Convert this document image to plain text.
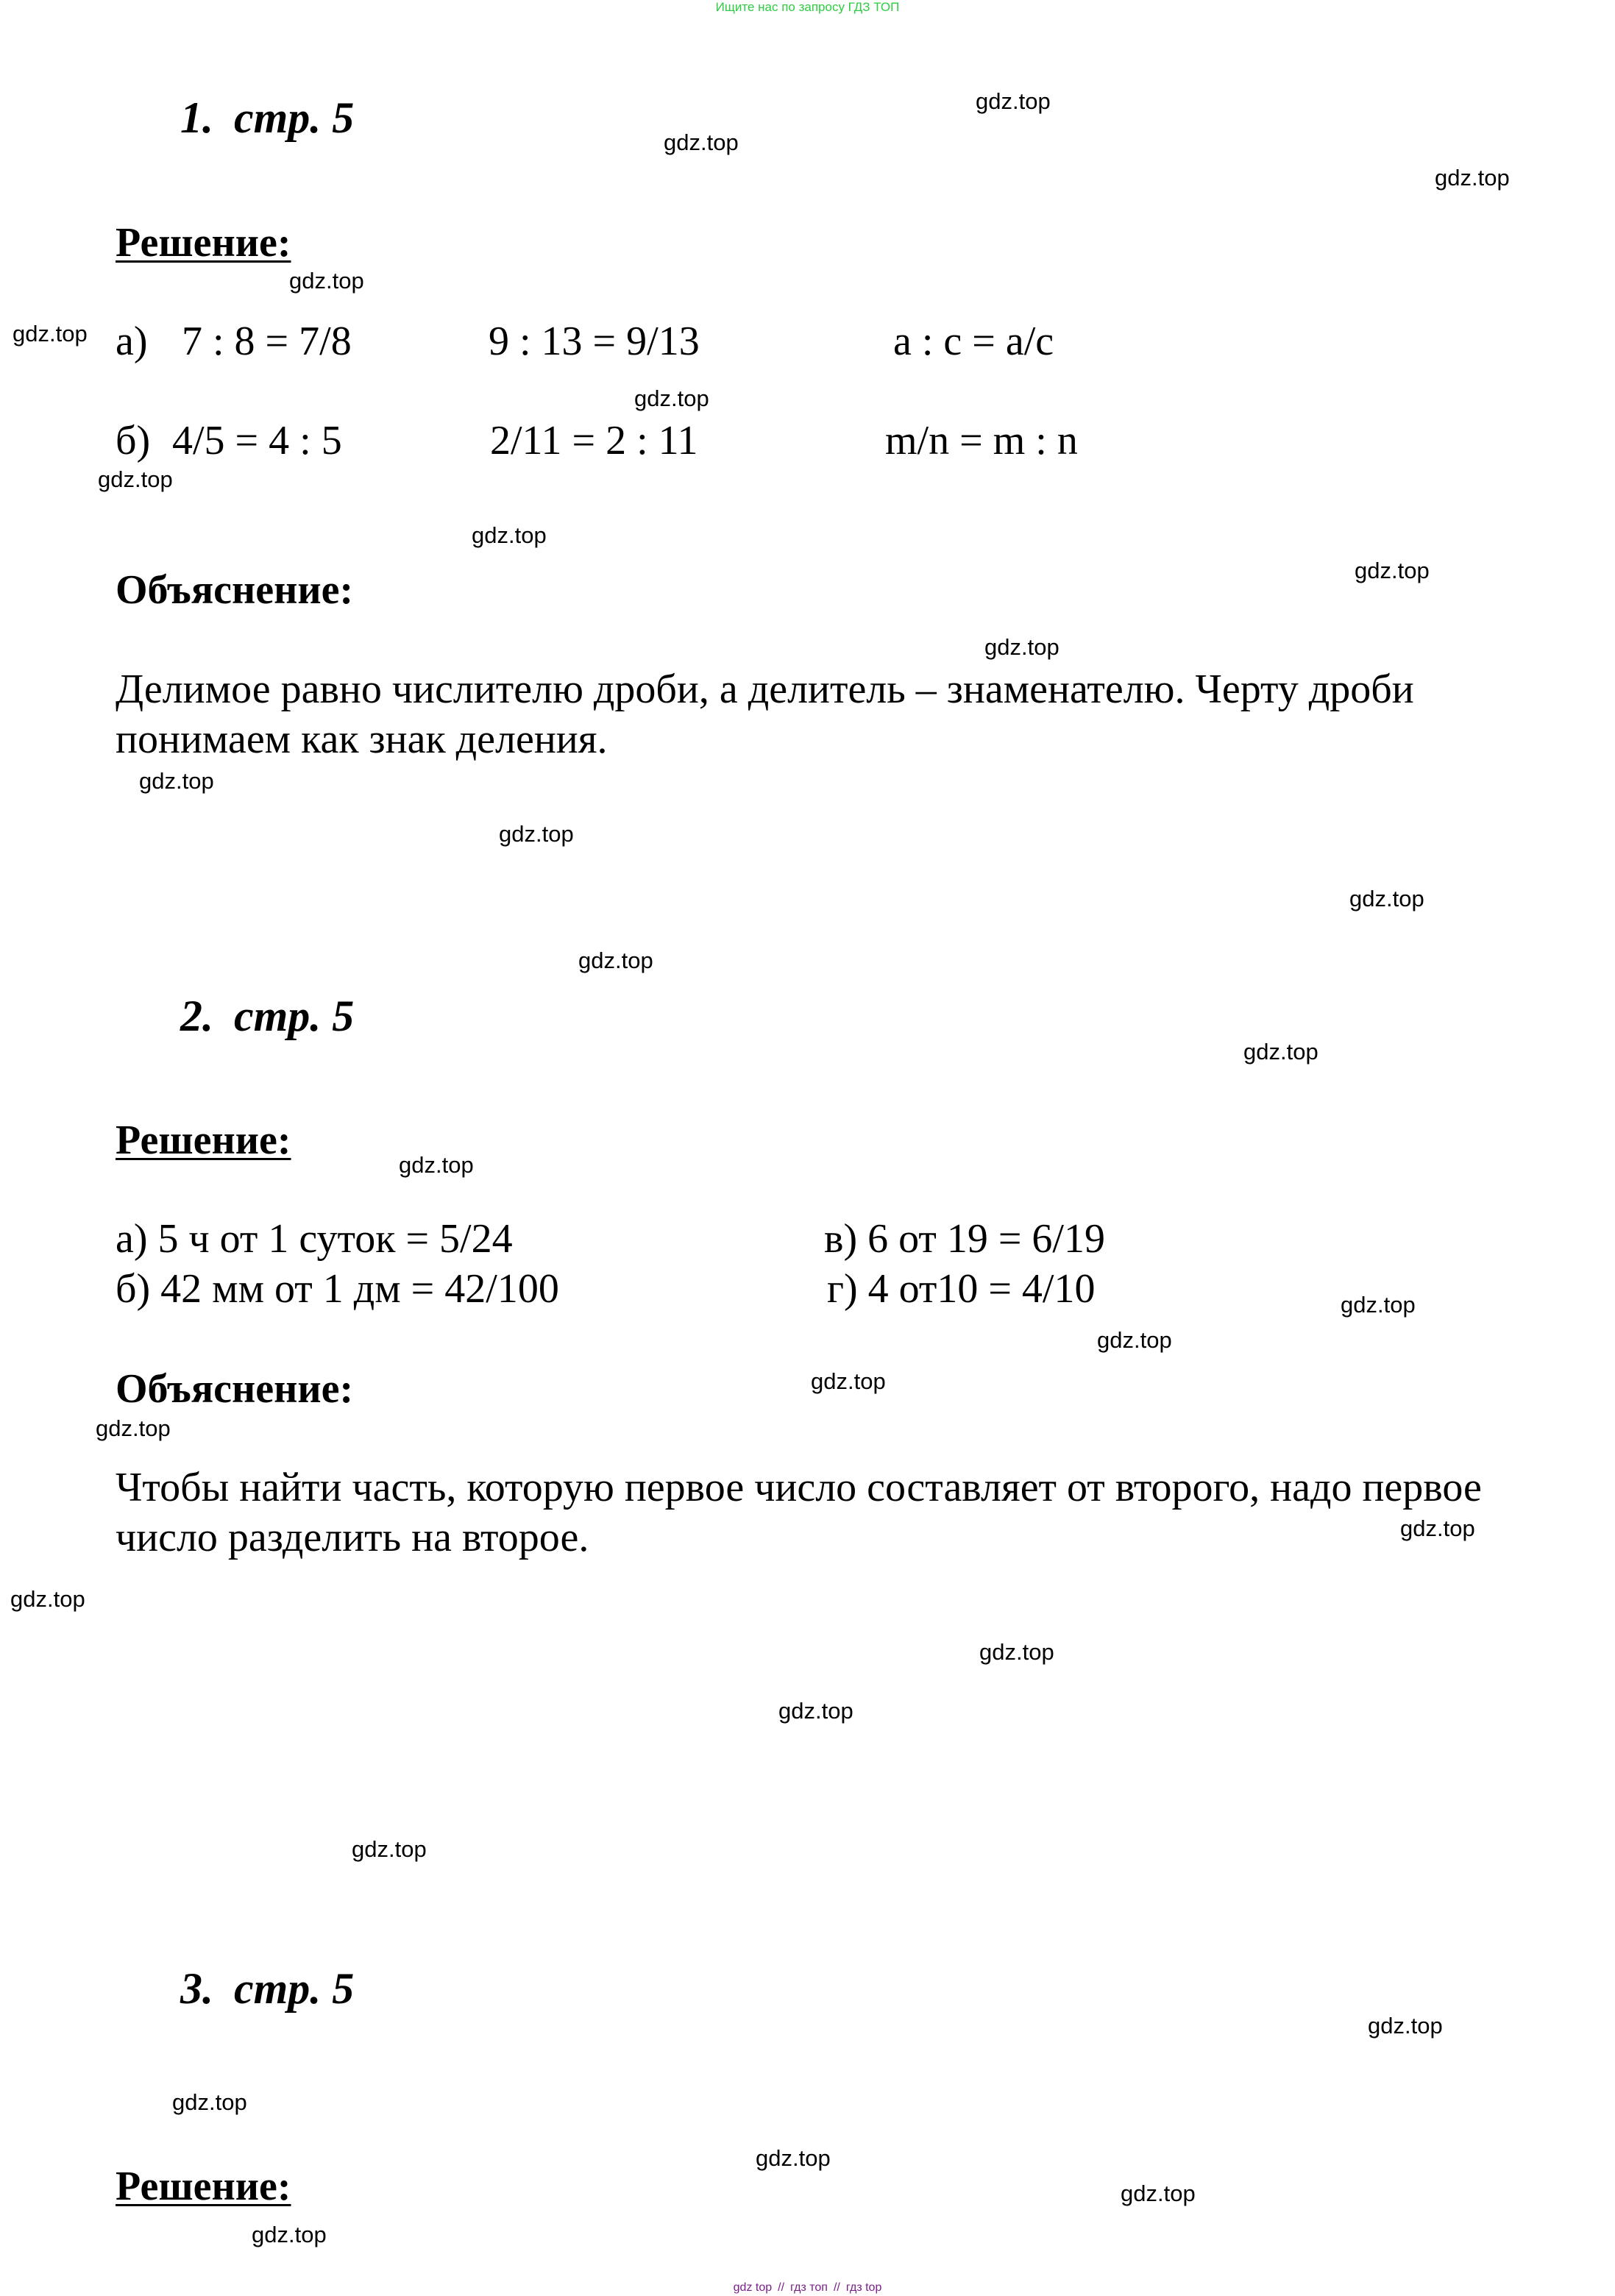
Ищите нас по запросу ГДЗ ТОП
1. стр. 5
Решение:
а) 7 : 8 = 7/8	9 : 13 = 9/13	a : c = a/c
б) 4/5 = 4 : 5	2/11 = 2 : 11	m/n = m : n
Объяснение:
Делимое равно числителю дроби, а делитель – знаменателю. Черту дроби
понимаем как знак деления.
2. стр. 5
Решение:
а) 5 ч от 1 суток = 5/24	в) 6 от 19 = 6/19
б) 42 мм от 1 дм = 42/100	г) 4 от10 = 4/10
Объяснение:
Чтобы найти часть, которую первое число составляет от второго, надо первое
число разделить на второе.
3. стр. 5
Решение:
gdz.top
gdz.top
gdz.top
gdz.top
gdz.top
gdz.top
gdz.top
gdz.top
gdz.top
gdz.top
gdz.top
gdz.top
gdz.top
gdz.top
gdz.top
gdz.top
gdz.top
gdz.top
gdz.top
gdz.top
gdz.top
gdz.top
gdz.top
gdz.top
gdz.top
gdz.top
gdz.top
gdz.top
gdz.top
gdz.top
gdz top // гдз топ // гдз top
